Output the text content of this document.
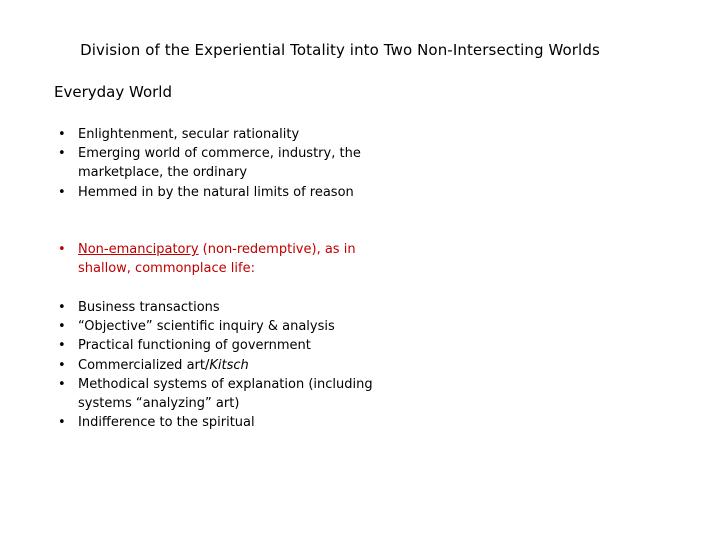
Division of the Experiential Totality into Two Non-Intersecting Worlds
Everyday World
• Enlightenment, secular rationality
• Emerging world of commerce, industry, the marketplace, the ordinary
• Hemmed in by the natural limits of reason
• Non-emancipatory (non-redemptive), as in shallow, commonplace life:
• Business transactions
• “Objective” scientific inquiry & analysis
• Practical functioning of government
• Commercialized art/Kitsch
• Methodical systems of explanation (including systems “analyzing” art)
• Indifference to the spiritual
